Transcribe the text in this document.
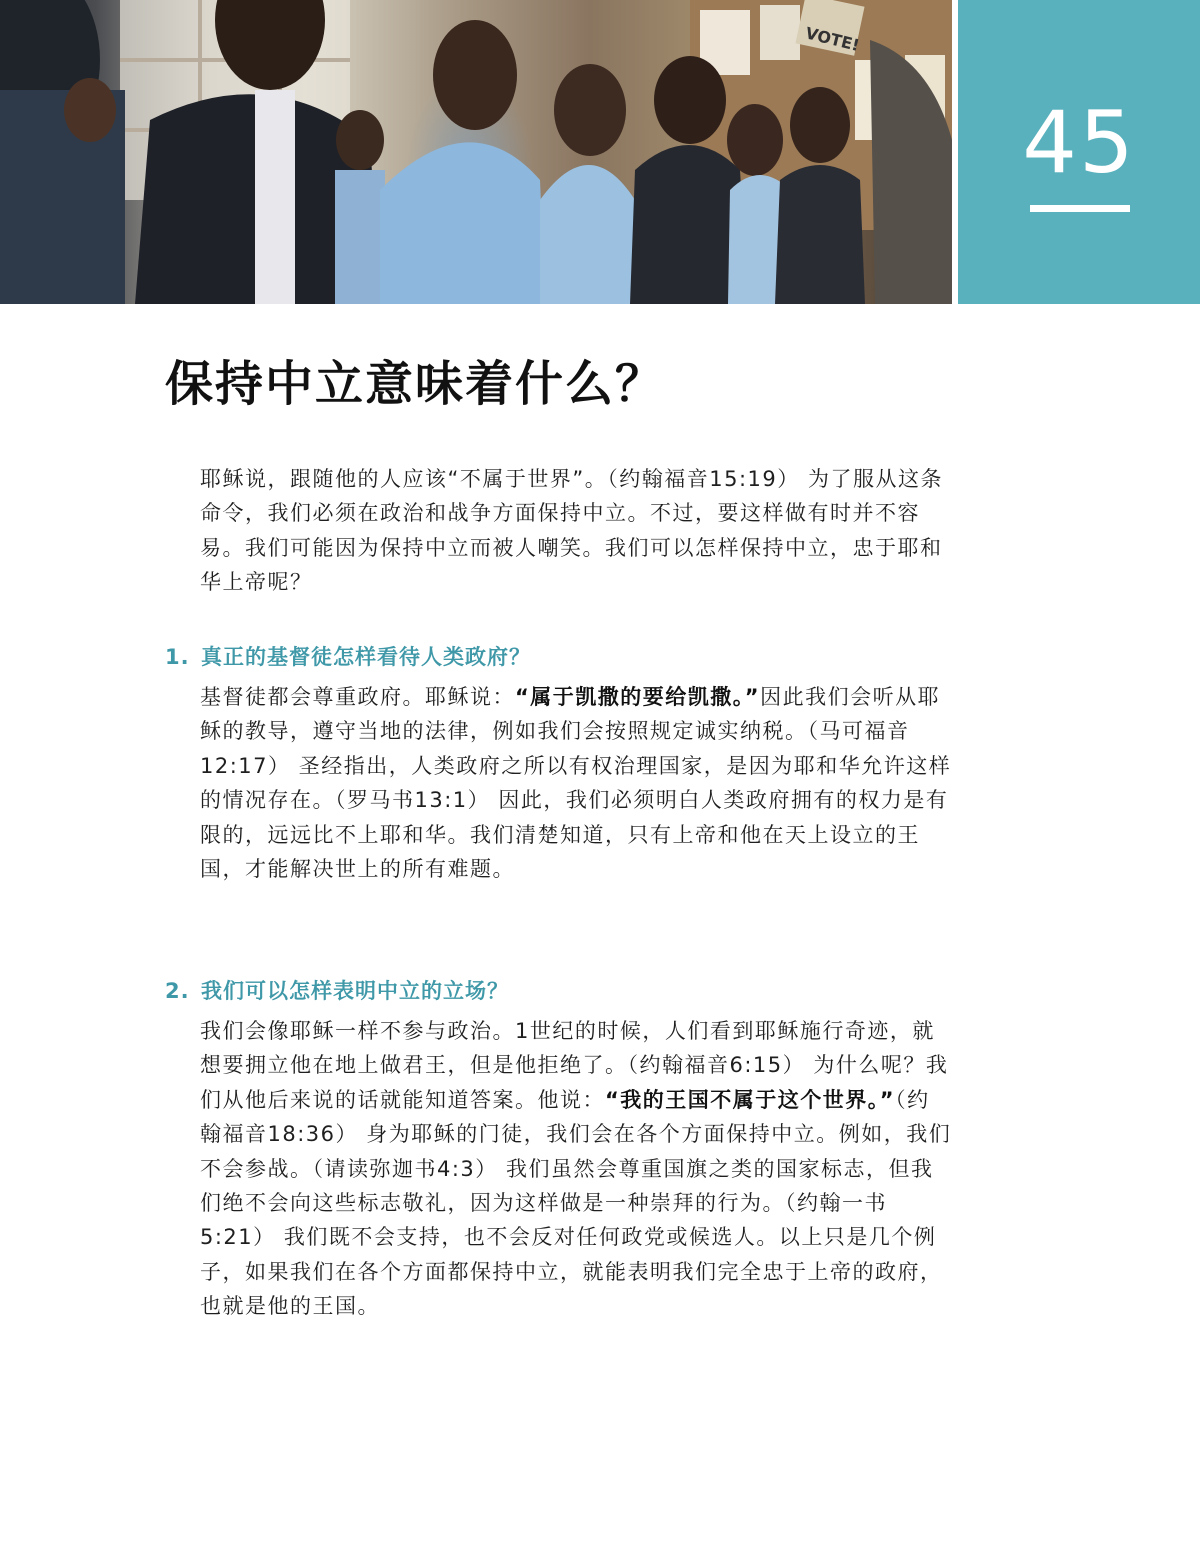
VOTE!
45
保持中立意味着什么？

耶稣说，跟随他的人应该“不属于世界”。（约翰福音15:19） 为了服从这条命令，我们必须在政治和战争方面保持中立。不过，要这样做有时并不容易。我们可能因为保持中立而被人嘲笑。我们可以怎样保持中立，忠于耶和华上帝呢？

1. 真正的基督徒怎样看待人类政府？

基督徒都会尊重政府。耶稣说：“属于凯撒的要给凯撒。”因此我们会听从耶稣的教导，遵守当地的法律，例如我们会按照规定诚实纳税。（马可福音12:17） 圣经指出，人类政府之所以有权治理国家，是因为耶和华允许这样的情况存在。（罗马书13:1） 因此，我们必须明白人类政府拥有的权力是有限的，远远比不上耶和华。我们清楚知道，只有上帝和他在天上设立的王国，才能解决世上的所有难题。

2. 我们可以怎样表明中立的立场？

我们会像耶稣一样不参与政治。1世纪的时候，人们看到耶稣施行奇迹，就想要拥立他在地上做君王，但是他拒绝了。（约翰福音6:15） 为什么呢？我们从他后来说的话就能知道答案。他说：“我的王国不属于这个世界。”（约翰福音18:36） 身为耶稣的门徒，我们会在各个方面保持中立。例如，我们不会参战。（请读弥迦书4:3） 我们虽然会尊重国旗之类的国家标志，但我们绝不会向这些标志敬礼，因为这样做是一种崇拜的行为。（约翰一书5:21） 我们既不会支持，也不会反对任何政党或候选人。以上只是几个例子，如果我们在各个方面都保持中立，就能表明我们完全忠于上帝的政府，也就是他的王国。
